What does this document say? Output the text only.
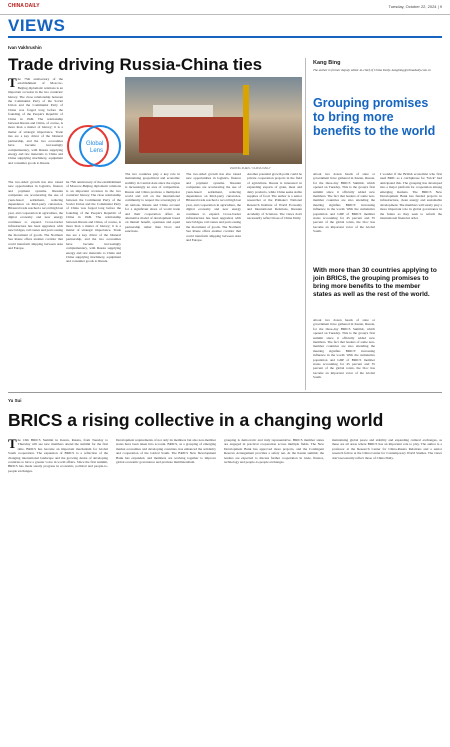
CHINA DAILY	Tuesday, October 22, 2024 | 9
VIEWS
Ivan Vakhrushin
Trade driving Russia-China ties
The 75th anniversary of the establishment of Moscow-Beijing diplomatic relations is an important occasion in the two countries' history. The close relationship between the Communist Party of the Soviet Union and the Communist Party of China was forged long before the founding of the People's Republic of China in 1949. The relationship between Russia and China, of course, is more than a matter of history; it is a matter of strategic importance. Trade ties are a key driver of the bilateral partnership, and the two economies have become increasingly complementary, with Russia supplying energy and raw materials to China and China supplying machinery, equipment and consumer goods to Russia.
Global
Lens
The two-sided growth has also raised new opportunities in logistics, finance and payment systems. Russian companies are accelerating the use of yuan-based settlement, reducing dependence on third-party currencies. Bilateral trade reached a record high last year, and cooperation in agriculture, the digital economy and new energy continues to expand. Cross-border infrastructure has been upgraded, with new bridges, rail routes and ports easing the movement of goods. The Northern Sea Route offers another corridor that could transform shipping between Asia and Europe.
he 75th anniversary of the establishment of Moscow-Beijing diplomatic relations is an important occasion in the two countries' history. The close relationship between the Communist Party of the Soviet Union and the Communist Party of China was forged long before the founding of the People's Republic of China in 1949. The relationship between Russia and China, of course, is more than a matter of history; it is a matter of strategic importance. Trade ties are a key driver of the bilateral partnership, and the two economies have become increasingly complementary, with Russia supplying energy and raw materials to China and China supplying machinery, equipment and consumer goods to Russia.
ZHONG ZHEN / CHINA DAILY
The two countries play a key role in maintaining geopolitical and economic stability in Central Asia since the region is increasingly an area of competition. Russia and China promote a multipolar world and call on the international community to respect the sovereignty of all nations. Russia and China account for a significant share of world trade and their cooperation offers an alternative model of development based on mutual benefit, openness and equal partnership rather than blocs and sanctions.
The two-sided growth has also raised new opportunities in logistics, finance and payment systems. Russian companies are accelerating the use of yuan-based settlement, reducing dependence on third-party currencies. Bilateral trade reached a record high last year, and cooperation in agriculture, the digital economy and new energy continues to expand. Cross-border infrastructure has been upgraded, with new bridges, rail routes and ports easing the movement of goods. The Northern Sea Route offers another corridor that could transform shipping between Asia and Europe.
Another potential growth point could be private cooperation projects in the field of agriculture. Russia is interested in expanding exports of grain, meat and dairy products, while China seeks stable supplies of food. The author is a senior researcher at the Primakov National Research Institute of World Economy and International Relations, Russian Academy of Sciences. The views don't necessarily reflect those of China Daily.
Kang Bing
The author is former deputy editor-in-chief of China Daily. kangbing@chinadaily.com.cn
Grouping promises to bring more benefits to the world
I wonder if the British economist who first used BRIC as a catchphrase for "brick" had anticipated this. The grouping has developed into a major platform for cooperation among emerging markets. The BRICS New Development Bank has funded projects in infrastructure, clean energy and sustainable development. The members will surely play a more important role in global governance in the future as they seek to reform the international financial order.
About two dozen heads of state or government have gathered in Kazan, Russia, for the three-day BRICS Summit, which opened on Tuesday. This is the group's first summit since it officially added new members. The fact that leaders of some non-member countries are also attending the meeting signifies BRICS' increasing influence in the world. With the cumulative population and GDP of BRICS member states accounting for 45 percent and 35 percent of the global totals, the bloc has become an important voice of the Global South.
With more than 30 countries applying to join BRICS, the grouping promises to bring more benefits to the member states as well as the rest of the world.
About two dozen heads of state or government have gathered in Kazan, Russia, for the three-day BRICS Summit, which opened on Tuesday. This is the group's first summit since it officially added new members. The fact that leaders of some non-member countries are also attending the meeting signifies BRICS' increasing influence in the world. With the cumulative population and GDP of BRICS member states accounting for 45 percent and 35 percent of the global totals, the bloc has become an important voice of the Global South.
Yu Sui
BRICS a rising collective in a changing world
The 16th BRICS Summit in Kazan, Russia, from Tuesday to Thursday will see new members attend the summit for the first time. BRICS has become an important mechanism for Global South cooperation. The expansion of BRICS is a reflection of the changing international landscape and the growing desire of developing countries to have a greater voice in world affairs. Since the first summit, BRICS has made steady progress in economic, political and people-to-people exchanges.
Development requirements of not only its members but also non-member states have been taken into account. BRICS, as a grouping of emerging market economies and developing countries, has enhanced the solidarity and cooperation of the Global South. The BRICS New Development Bank has expanded, and members are working together to improve global economic governance and promote multilateralism.
grouping is democratic and truly representative. BRICS member states are engaged in practical cooperation across multiple fields. The New Development Bank has approved more projects, and the Contingent Reserve Arrangement provides a safety net. At the Kazan summit, the leaders are expected to discuss further cooperation in trade, finance, technology and people-to-people exchanges.
maintaining global peace and stability and expanding cultural exchanges, as these are all areas where BRICS has an important role to play. The author is a professor at the Research Center for China-Russia Relations and a senior research fellow at the China Center for Contemporary World Studies. The views don't necessarily reflect those of China Daily.
